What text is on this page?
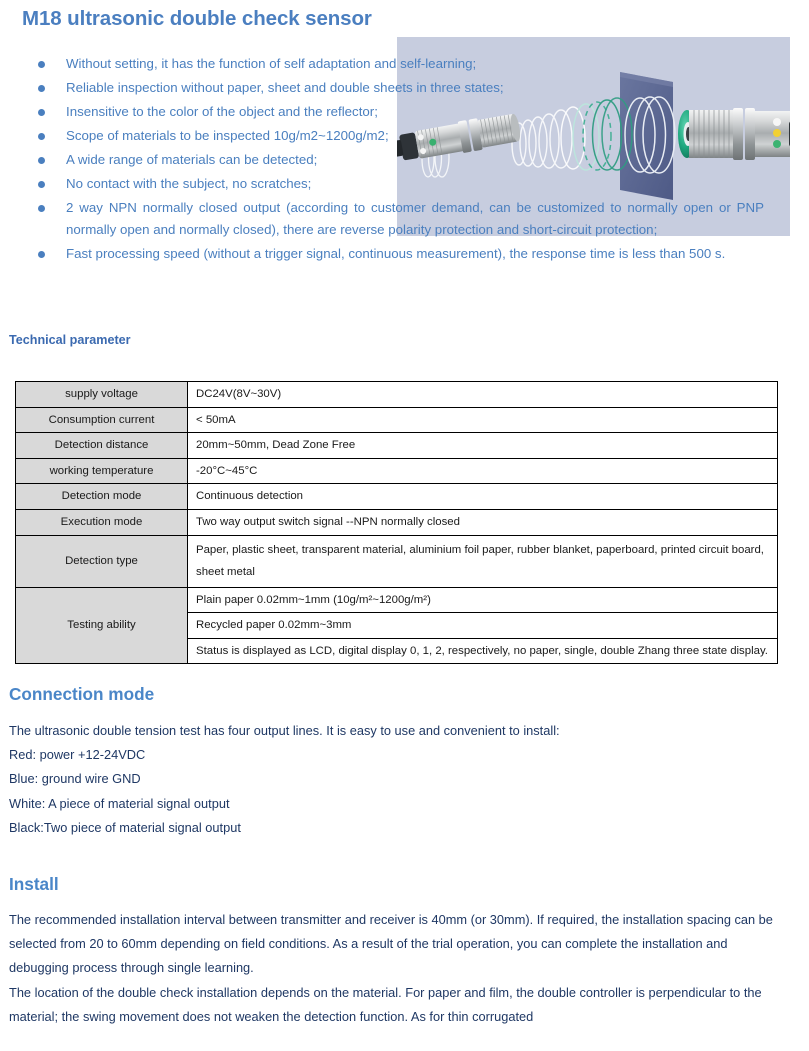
M18 ultrasonic double check sensor
Without setting, it has the function of self adaptation and self-learning;
Reliable inspection without paper, sheet and double sheets in three states;
Insensitive to the color of the object and the reflector;
Scope of materials to be inspected 10g/m2~1200g/m2;
A wide range of materials can be detected;
No contact with the subject, no scratches;
2 way NPN normally closed output (according to customer demand, can be customized to normally open or PNP normally open and normally closed), there are reverse polarity protection and short-circuit protection;
Fast processing speed (without a trigger signal, continuous measurement), the response time is less than 500 s.
Technical parameter
supply voltage	DC24V(8V~30V)
Consumption current	< 50mA
Detection distance	20mm~50mm, Dead Zone Free
working temperature	-20°C~45°C
Detection mode	Continuous detection
Execution mode	Two way output switch signal --NPN normally closed
Detection type	Paper, plastic sheet, transparent material, aluminium foil paper, rubber blanket, paperboard, printed circuit board, sheet metal
Testing ability	
Plain paper 0.02mm~1mm (10g/m²~1200g/m²)
Recycled paper 0.02mm~3mm
Status is displayed as LCD, digital display 0, 1, 2, respectively, no paper, single, double Zhang three state display.
Connection mode

The ultrasonic double tension test has four output lines. It is easy to use and convenient to install:

Red: power +12-24VDC

Blue: ground wire GND

White: A piece of material signal output

Black:Two piece of material signal output

Install

The recommended installation interval between transmitter and receiver is 40mm (or 30mm). If required, the installation spacing can be selected from 20 to 60mm depending on field conditions. As a result of the trial operation, you can complete the installation and debugging process through single learning.

The location of the double check installation depends on the material. For paper and film, the double controller is perpendicular to the material; the swing movement does not weaken the detection function. As for thin corrugated
